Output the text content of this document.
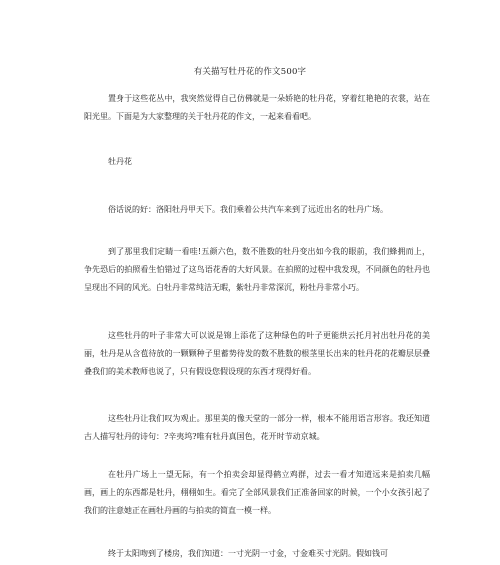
有关描写牡丹花的作文500字

置身于这些花丛中，我突然觉得自己仿佛就是一朵娇艳的牡丹花，穿着红艳艳的衣裳，站在阳光里。下面是为大家整理的关于牡丹花的作文，一起来看看吧。

牡丹花

俗话说的好：洛阳牡丹甲天下。我们乘着公共汽车来到了远近出名的牡丹广场。

到了那里我们定睛一看哇!五颜六色，数不胜数的牡丹变出如今我的眼前，我们蜂拥而上，争先恐后的拍照看生怕错过了这鸟语花香的大好风景。在拍照的过程中我发现，不同颜色的牡丹也呈现出不同的风光。白牡丹非常纯洁无暇，紫牡丹非常深沉，粉牡丹非常小巧。

这些牡丹的叶子非常大可以说是锦上添花了这种绿色的叶子更能烘云托月衬出牡丹花的美丽，牡丹是从含苞待放的一颗颗种子里蓄势待发的数不胜数的根茎里长出来的牡丹花的花瓣层层叠叠我们的美术教师也说了，只有假设您假设现的东西才现得好看。

这些牡丹让我们叹为观止。那里美的像天堂的一部分一样，根本不能用语言形容。我还知道古人描写牡丹的诗句：?辛夷坞?唯有牡丹真国色，花开时节动京城。

在牡丹广场上一望无际，有一个拍卖会却显得鹤立鸡群，过去一看才知道远来是拍卖几幅画，画上的东西都是牡丹，栩栩如生。看完了全部风景我们正准备回家的时候，一个小女孩引起了我们的注意她正在画牡丹画的与拍卖的简直一模一样。

终于太阳吻到了楼房，我们知道：一寸光阴一寸金，寸金难买寸光阴。假如钱可
